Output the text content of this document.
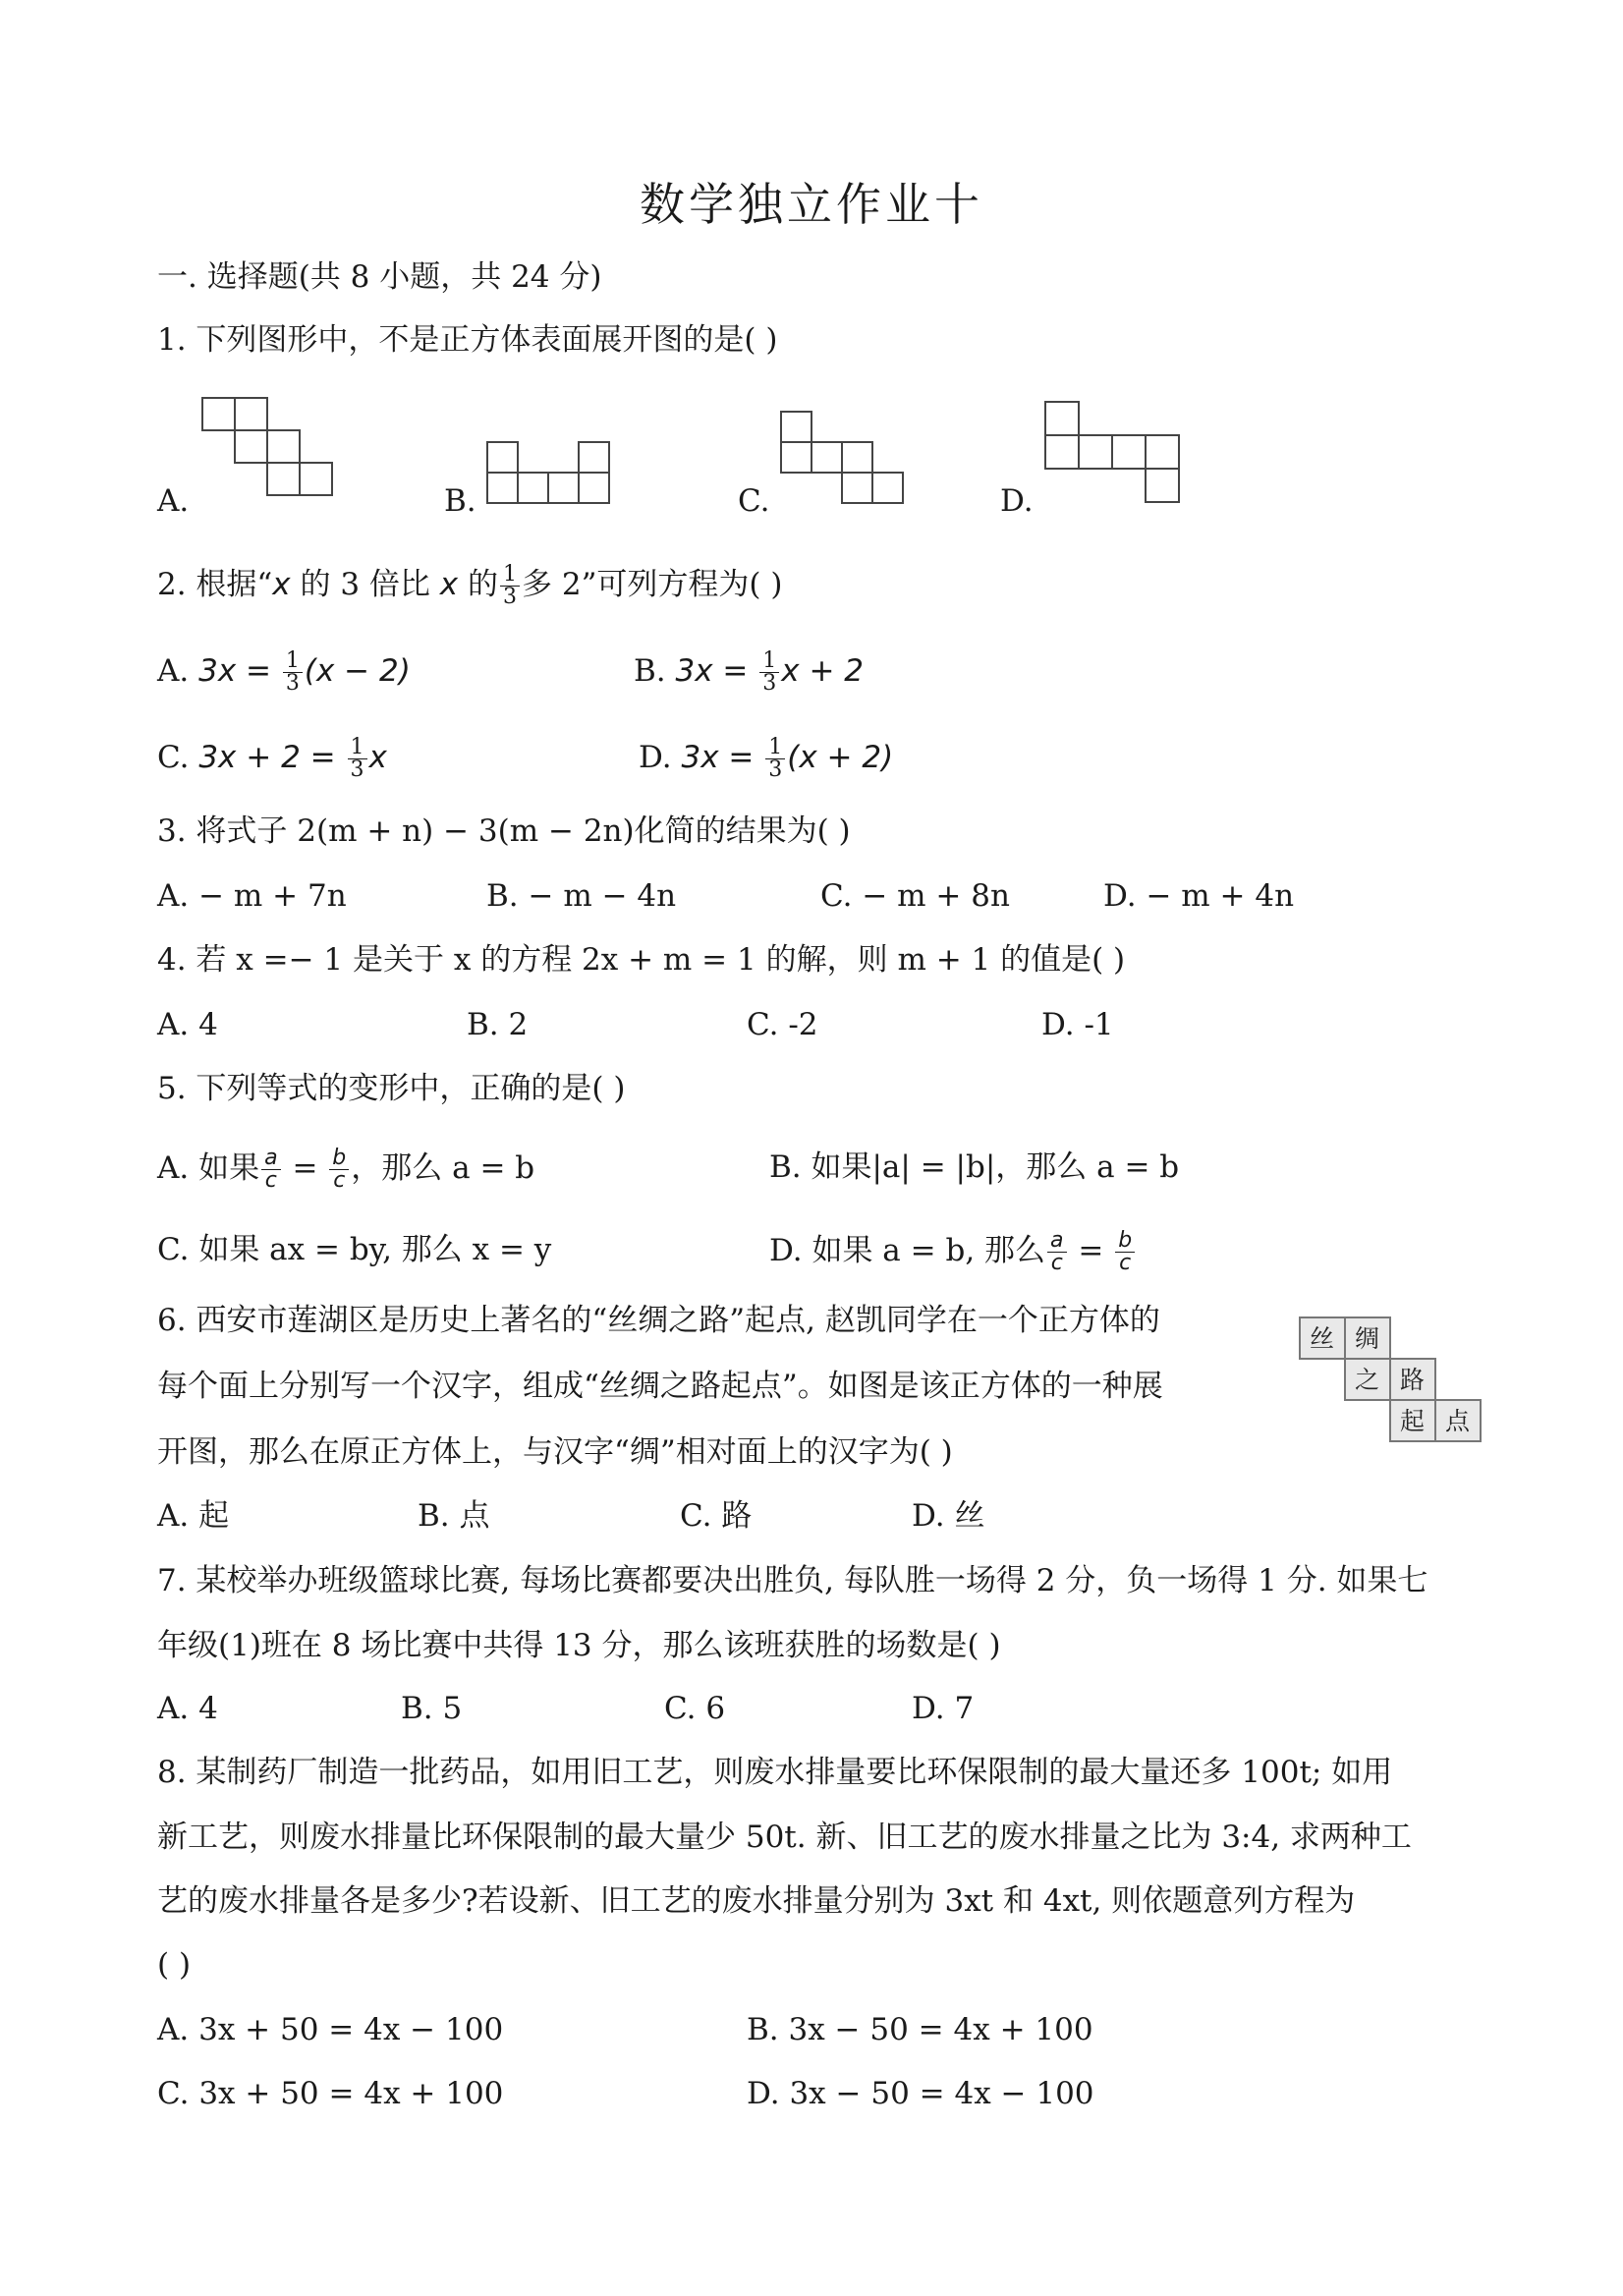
数学独立作业十
一. 选择题(共 8 小题，共 24 分)
1. 下列图形中，不是正方体表面展开图的是( )
A.	B.	C.	D.
2. 根据“x 的 3 倍比 x 的 $\frac{1}{3}$ 多 2”可列方程为( )
A. $3x = \frac{1}{3} (x - 2)$	B. $3x = \frac{1}{3}$ x + 2
C. $3x + 2 = \frac{1}{3}$ x	D. $3x = \frac{1}{3} (x + 2)$
3. 将式子 2(m + n) − 3(m − 2n)化简的结果为( )
A. − m + 7n	B. − m − 4n	C. − m + 8n	D. − m + 4n
4. 若 x =− 1 是关于 x 的方程 2x + m = 1 的解，则 m + 1 的值是( )
A. 4	B. 2	C. -2	D. -1
5. 下列等式的变形中，正确的是( )
A. 如果 $\frac{a}{c} = \frac{b}{c}$ ，那么 a = b	B. 如果|a| = |b|，那么 a = b
C. 如果 ax = by, 那么 x = y	D. 如果 a = b, 那么 $\frac{a}{c} = \frac{b}{c}$
6. 西安市莲湖区是历史上著名的“丝绸之路”起点, 赵凯同学在一个正方体的
每个面上分别写一个汉字，组成“丝绸之路起点”。如图是该正方体的一种展
开图，那么在原正方体上，与汉字“绸”相对面上的汉字为( )
丝 绸
之 路
起 点
A. 起	B. 点	C. 路	D. 丝
7. 某校举办班级篮球比赛, 每场比赛都要决出胜负, 每队胜一场得 2 分，负一场得 1 分. 如果七
年级(1)班在 8 场比赛中共得 13 分，那么该班获胜的场数是( )
A. 4	B. 5	C. 6	D. 7
8. 某制药厂制造一批药品，如用旧工艺，则废水排量要比环保限制的最大量还多 100t; 如用
新工艺，则废水排量比环保限制的最大量少 50t. 新、旧工艺的废水排量之比为 3:4, 求两种工
艺的废水排量各是多少?若设新、旧工艺的废水排量分别为 3xt 和 4xt, 则依题意列方程为
( )
A. 3x + 50 = 4x − 100	B. 3x − 50 = 4x + 100
C. 3x + 50 = 4x + 100	D. 3x − 50 = 4x − 100
